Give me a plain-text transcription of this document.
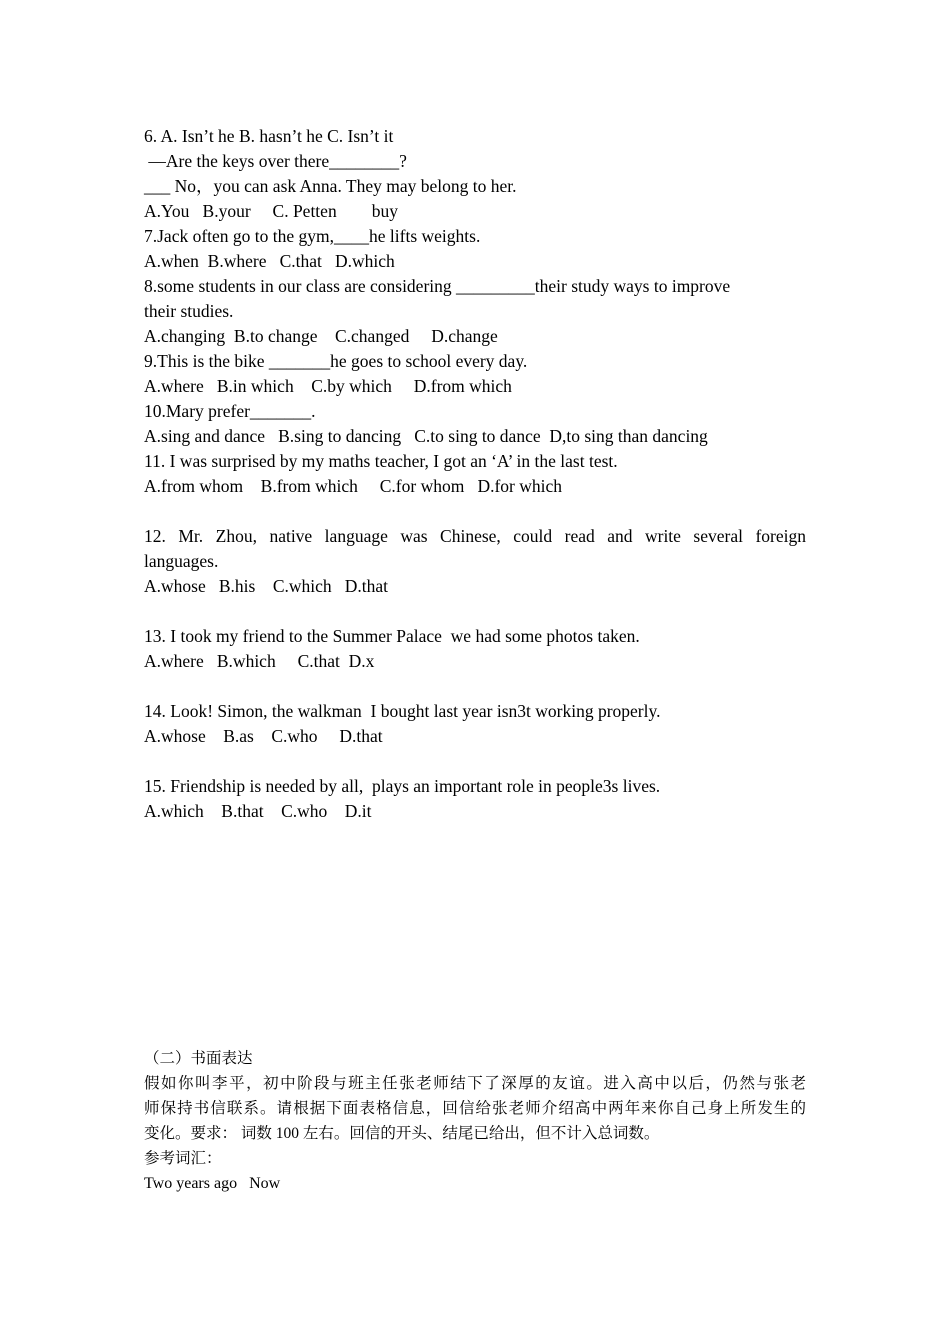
6. A. Isn’t he B. hasn’t he C. Isn’t it
—Are the keys over there________?
___ No，you can ask Anna. They may belong to her.
A.You   B.your     C. Petten        buy
7.Jack often go to the gym,____he lifts weights.
A.when  B.where   C.that   D.which
8.some students in our class are considering _________their study ways to improve
their studies.
A.changing  B.to change    C.changed     D.change
9.This is the bike _______he goes to school every day.
A.where   B.in which    C.by which     D.from which
10.Mary prefer_______.
A.sing and dance   B.sing to dancing   C.to sing to dance  D,to sing than dancing
11. I was surprised by my maths teacher, I got an ‘A’ in the last test.
A.from whom    B.from which     C.for whom   D.for which
12. Mr. Zhou, native language was Chinese, could read and write several foreign
languages.
A.whose   B.his    C.which   D.that
13. I took my friend to the Summer Palace  we had some photos taken.
A.where   B.which     C.that  D.x
14. Look! Simon, the walkman  I bought last year isn3t working properly.
A.whose    B.as    C.who     D.that
15. Friendship is needed by all,  plays an important role in people3s lives.
A.which    B.that    C.who    D.it
（二）书面表达
假如你叫李平，初中阶段与班主任张老师结下了深厚的友谊。进入高中以后，仍然与张老
师保持书信联系。请根据下面表格信息，回信给张老师介绍高中两年来你自己身上所发生的
变化。要求： 词数 100 左右。回信的开头、结尾已给出，但不计入总词数。
参考词汇：
Two years ago   Now
